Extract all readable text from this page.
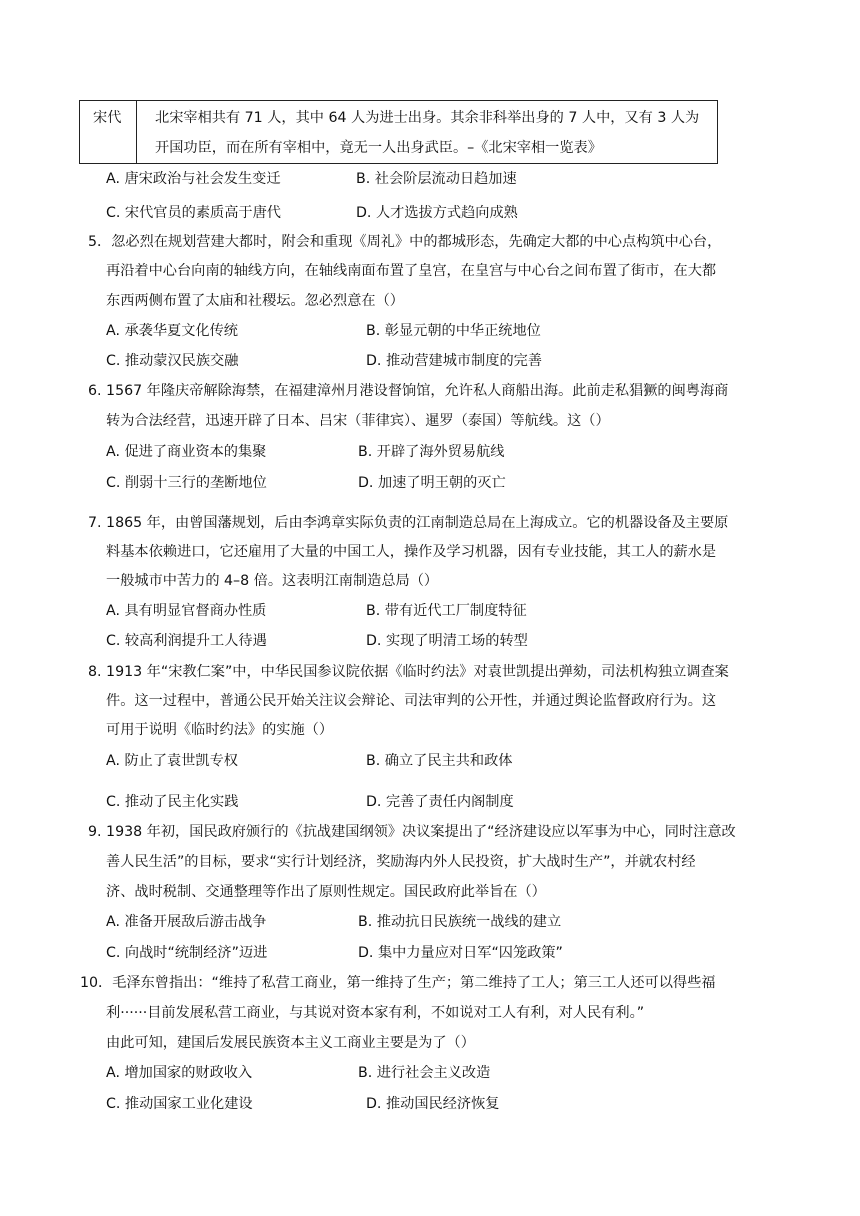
宋代 北宋宰相共有 71 人，其中 64 人为进士出身。其余非科举出身的 7 人中，又有 3 人为
开国功臣，而在所有宰相中，竟无一人出身武臣。–《北宋宰相一览表》
A. 唐宋政治与社会发生变迁	B. 社会阶层流动日趋加速
C. 宋代官员的素质高于唐代	D. 人才选拔方式趋向成熟
5．忽必烈在规划营建大都时，附会和重现《周礼》中的都城形态，先确定大都的中心点构筑中心台，
再沿着中心台向南的轴线方向，在轴线南面布置了皇宫，在皇宫与中心台之间布置了街市，在大都
东西两侧布置了太庙和社稷坛。忽必烈意在（）
A. 承袭华夏文化传统	B. 彰显元朝的中华正统地位
C. 推动蒙汉民族交融	D. 推动营建城市制度的完善
6. 1567 年隆庆帝解除海禁，在福建漳州月港设督饷馆，允许私人商船出海。此前走私猖獗的闽粤海商
转为合法经营，迅速开辟了日本、吕宋（菲律宾）、暹罗（泰国）等航线。这（）
A. 促进了商业资本的集聚	B. 开辟了海外贸易航线
C. 削弱十三行的垄断地位	D. 加速了明王朝的灭亡
7. 1865 年，由曾国藩规划，后由李鸿章实际负责的江南制造总局在上海成立。它的机器设备及主要原
料基本依赖进口，它还雇用了大量的中国工人，操作及学习机器，因有专业技能，其工人的薪水是
一般城市中苦力的 4–8 倍。这表明江南制造总局（）
A. 具有明显官督商办性质	B. 带有近代工厂制度特征
C. 较高利润提升工人待遇	D. 实现了明清工场的转型
8. 1913 年“宋教仁案”中，中华民国参议院依据《临时约法》对袁世凯提出弹劾，司法机构独立调查案
件。这一过程中，普通公民开始关注议会辩论、司法审判的公开性，并通过舆论监督政府行为。这
可用于说明《临时约法》的实施（）
A. 防止了袁世凯专权	B. 确立了民主共和政体
C. 推动了民主化实践	D. 完善了责任内阁制度
9. 1938 年初，国民政府颁行的《抗战建国纲领》决议案提出了“经济建设应以军事为中心，同时注意改
善人民生活”的目标，要求“实行计划经济，奖励海内外人民投资，扩大战时生产”，并就农村经
济、战时税制、交通整理等作出了原则性规定。国民政府此举旨在（）
A. 准备开展敌后游击战争	B. 推动抗日民族统一战线的建立
C. 向战时“统制经济”迈进	D. 集中力量应对日军“囚笼政策”
10．毛泽东曾指出：“维持了私营工商业，第一维持了生产；第二维持了工人；第三工人还可以得些福
利······目前发展私营工商业，与其说对资本家有利，不如说对工人有利，对人民有利。”
由此可知，建国后发展民族资本主义工商业主要是为了（）
A. 增加国家的财政收入	B. 进行社会主义改造
C. 推动国家工业化建设	D. 推动国民经济恢复
